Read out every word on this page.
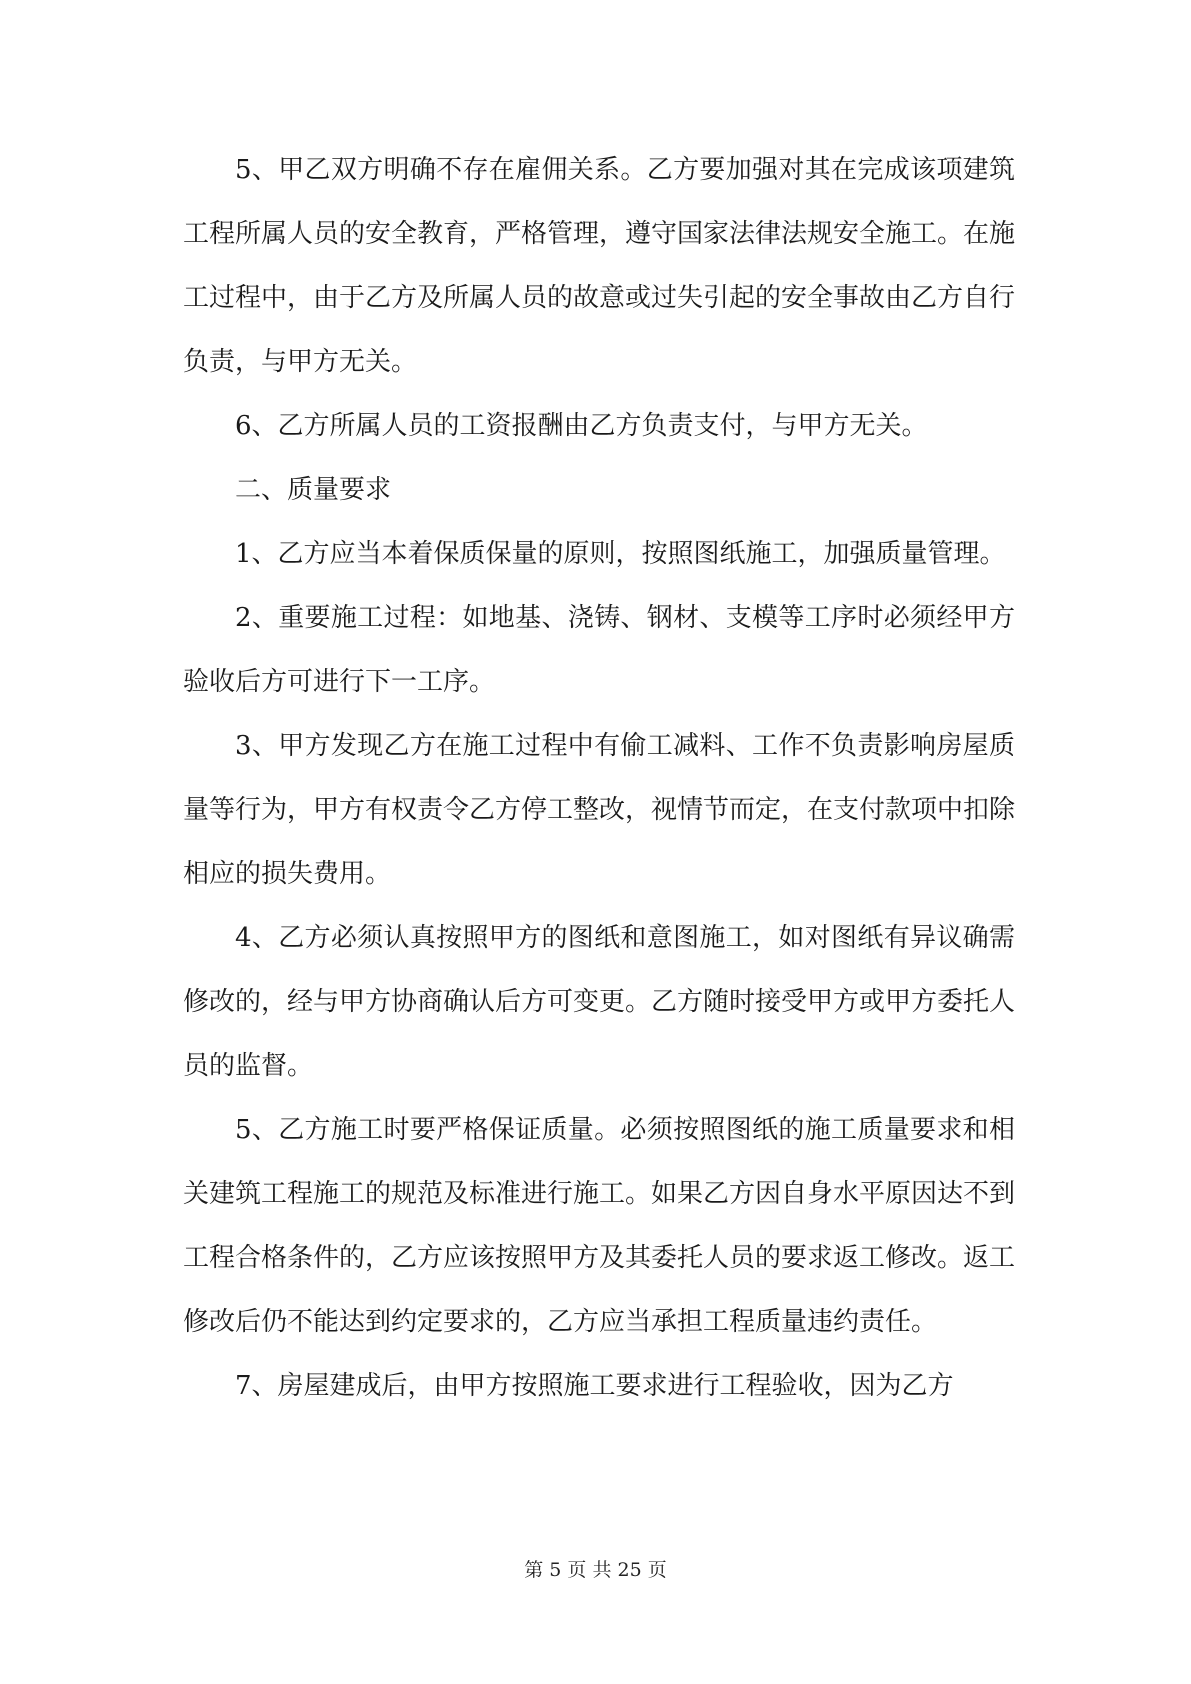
5、甲乙双方明确不存在雇佣关系。乙方要加强对其在完成该项建筑工程所属人员的安全教育，严格管理，遵守国家法律法规安全施工。在施工过程中，由于乙方及所属人员的故意或过失引起的安全事故由乙方自行负责，与甲方无关。

6、乙方所属人员的工资报酬由乙方负责支付，与甲方无关。

二、质量要求

1、乙方应当本着保质保量的原则，按照图纸施工，加强质量管理。

2、重要施工过程：如地基、浇铸、钢材、支模等工序时必须经甲方验收后方可进行下一工序。

3、甲方发现乙方在施工过程中有偷工减料、工作不负责影响房屋质量等行为，甲方有权责令乙方停工整改，视情节而定，在支付款项中扣除相应的损失费用。

4、乙方必须认真按照甲方的图纸和意图施工，如对图纸有异议确需修改的，经与甲方协商确认后方可变更。乙方随时接受甲方或甲方委托人员的监督。

5、乙方施工时要严格保证质量。必须按照图纸的施工质量要求和相关建筑工程施工的规范及标准进行施工。如果乙方因自身水平原因达不到工程合格条件的，乙方应该按照甲方及其委托人员的要求返工修改。返工修改后仍不能达到约定要求的，乙方应当承担工程质量违约责任。

7、房屋建成后，由甲方按照施工要求进行工程验收，因为乙方

第 5 页 共 25 页
